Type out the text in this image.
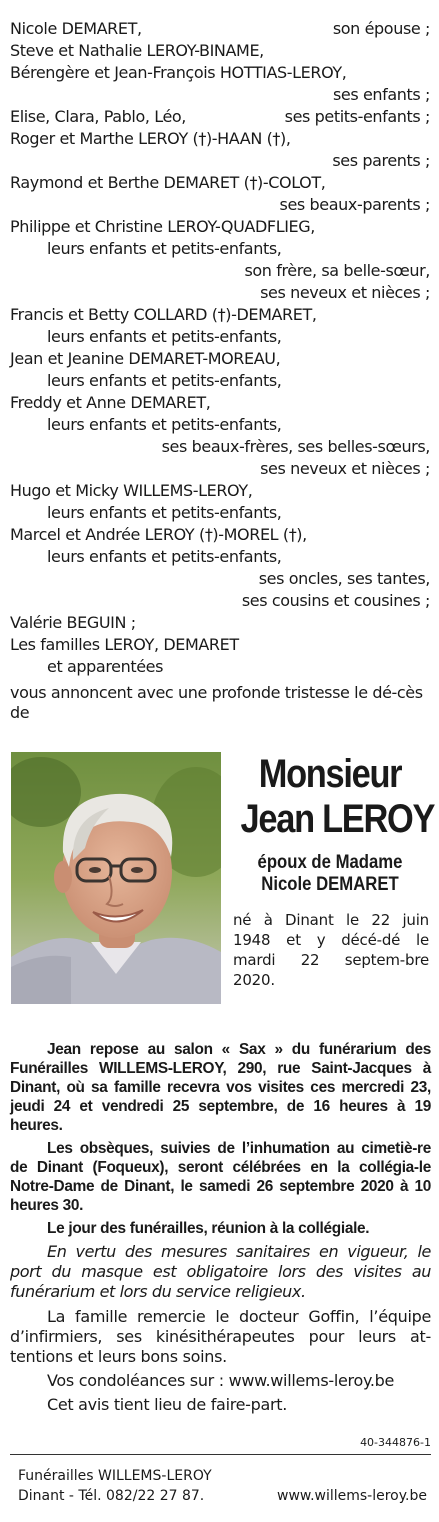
Nicole DEMARET,	son épouse ;
Steve et Nathalie LEROY-BINAME,
Bérengère et Jean-François HOTTIAS-LEROY,
ses enfants ;
Elise, Clara, Pablo, Léo,	ses petits-enfants ;
Roger et Marthe LEROY (†)-HAAN (†),
ses parents ;
Raymond et Berthe DEMARET (†)-COLOT,
ses beaux-parents ;
Philippe et Christine LEROY-QUADFLIEG,
leurs enfants et petits-enfants,
son frère, sa belle-sœur,
ses neveux et nièces ;
Francis et Betty COLLARD (†)-DEMARET,
leurs enfants et petits-enfants,
Jean et Jeanine DEMARET-MOREAU,
leurs enfants et petits-enfants,
Freddy et Anne DEMARET,
leurs enfants et petits-enfants,
ses beaux-frères, ses belles-sœurs,
ses neveux et nièces ;
Hugo et Micky WILLEMS-LEROY,
leurs enfants et petits-enfants,
Marcel et Andrée LEROY (†)-MOREL (†),
leurs enfants et petits-enfants,
ses oncles, ses tantes,
ses cousins et cousines ;
Valérie BEGUIN ;
Les familles LEROY, DEMARET
et apparentées
vous annoncent avec une profonde tristesse le dé-cès de
Monsieur
Jean LEROY
époux de Madame
Nicole DEMARET
né à Dinant le 22 juin 1948 et y décé-dé le mardi 22 septem-bre 2020.

Jean repose au salon « Sax » du funérarium des Funérailles WILLEMS-LEROY, 290, rue Saint-Jacques à Dinant, où sa famille recevra vos visites ces mercredi 23, jeudi 24 et vendredi 25 septembre, de 16 heures à 19 heures.

Les obsèques, suivies de l’inhumation au cimetiè-re de Dinant (Foqueux), seront célébrées en la collégia-le Notre-Dame de Dinant, le samedi 26 septembre 2020 à 10 heures 30.

Le jour des funérailles, réunion à la collégiale.

En vertu des mesures sanitaires en vigueur, le port du masque est obligatoire lors des visites au funérarium et lors du service religieux.

La famille remercie le docteur Goffin, l’équipe d’infirmiers, ses kinésithérapeutes pour leurs at-tentions et leurs bons soins.

Vos condoléances sur : www.willems-leroy.be

Cet avis tient lieu de faire-part.

40-344876-1
Funérailles WILLEMS-LEROY
Dinant - Tél. 082/22 27 87.	www.willems-leroy.be
